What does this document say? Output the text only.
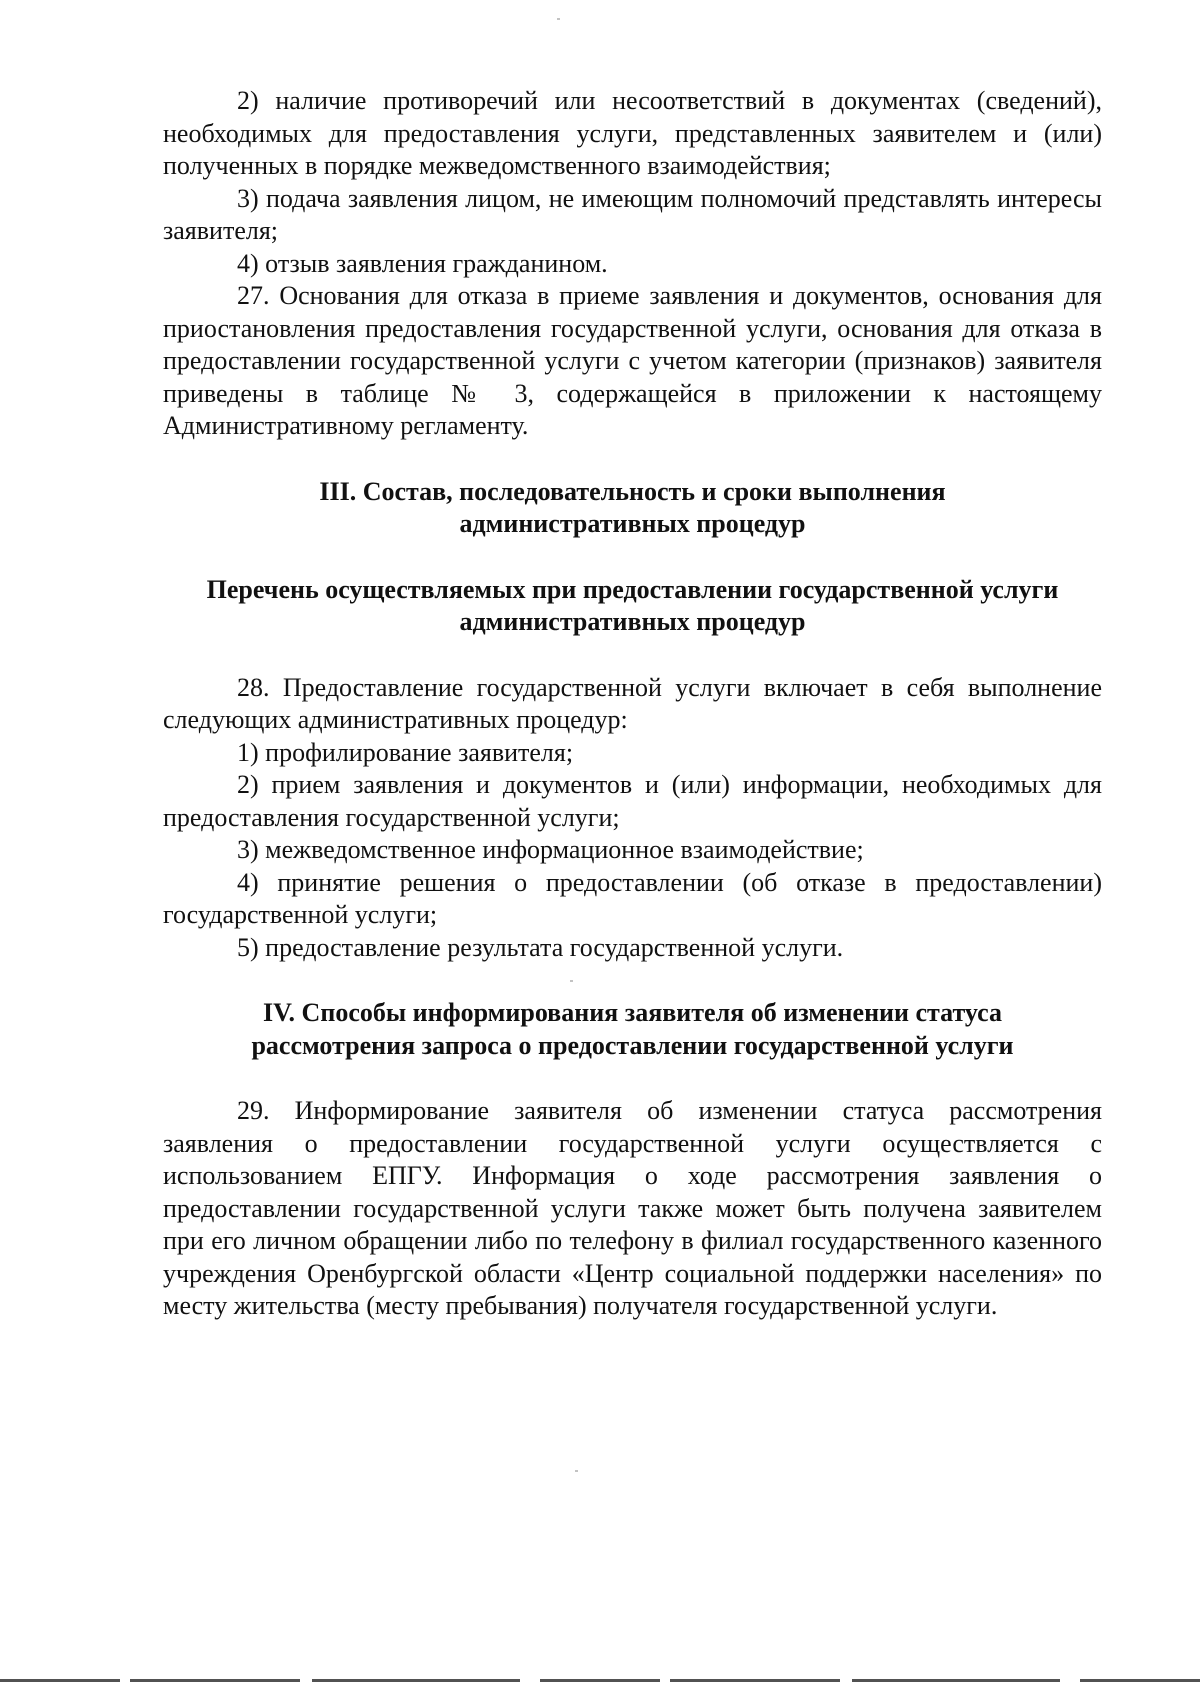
2) наличие противоречий или несоответствий в документах (сведений), необходимых для предоставления услуги, представленных заявителем и (или) полученных в порядке межведомственного взаимодействия;

3) подача заявления лицом, не имеющим полномочий представлять интересы заявителя;

4) отзыв заявления гражданином.

27. Основания для отказа в приеме заявления и документов, основания для приостановления предоставления государственной услуги, основания для отказа в предоставлении государственной услуги с учетом категории (признаков) заявителя приведены в таблице № 3, содержащейся в приложении к настоящему Административному регламенту.

III. Состав, последовательность и сроки выполнения
административных процедур
Перечень осуществляемых при предоставлении государственной услуги
административных процедур

28. Предоставление государственной услуги включает в себя выполнение следующих административных процедур:

1) профилирование заявителя;

2) прием заявления и документов и (или) информации, необходимых для предоставления государственной услуги;

3) межведомственное информационное взаимодействие;

4) принятие решения о предоставлении (об отказе в предоставлении) государственной услуги;

5) предоставление результата государственной услуги.

IV. Способы информирования заявителя об изменении статуса
рассмотрения запроса о предоставлении государственной услуги

29. Информирование заявителя об изменении статуса рассмотрения заявления о предоставлении государственной услуги осуществляется с использованием ЕПГУ. Информация о ходе рассмотрения заявления о предоставлении государственной услуги также может быть получена заявителем при его личном обращении либо по телефону в филиал государственного казенного учреждения Оренбургской области «Центр социальной поддержки населения» по месту жительства (месту пребывания) получателя государственной услуги.
